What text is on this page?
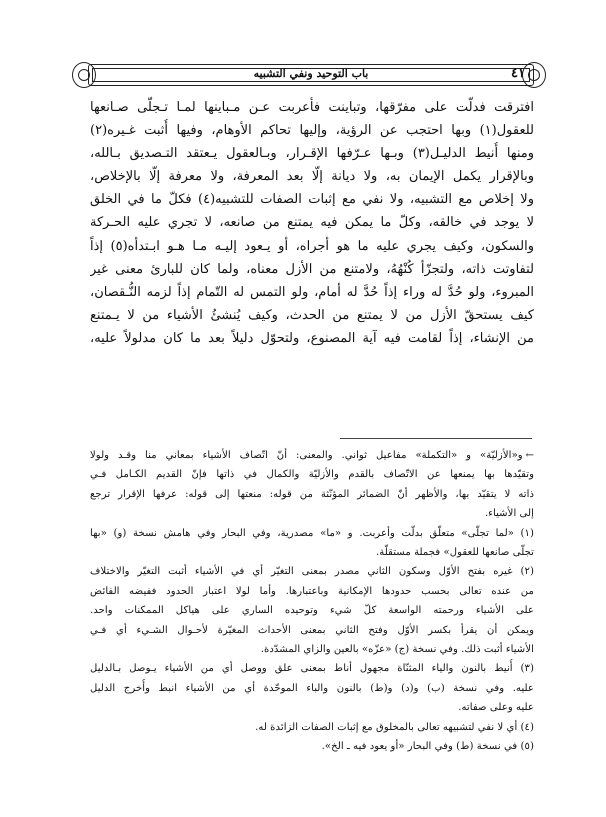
باب التوحيد ونفي التشبيه	٤١
افترقت فدلّت على مفرّقها، وتباينت فأعربت عـن مـباينها لمـا تـجلّى صـانعها
للعقول(١) وبها احتجب عن الرؤية، وإليها تحاكم الأوهام، وفيها أُثبت غـيره(٢)
ومنها أُنيط الدليـل(٣) وبـها عـرّفها الإقـرار، وبـالعقول يـعتقد التـصديق بـالله،
وبالإقرار يكمل الإيمان به، ولا ديانة إلّا بعد المعرفة، ولا معرفة إلّا بالإخلاص،
ولا إخلاص مع التشبيه، ولا نفي مع إثبات الصفات للتشبيه(٤) فكلّ ما في الخلق
لا يوجد في خالقه، وكلّ ما يمكن فيه يمتنع من صانعه، لا تجري عليه الحـركة
والسكون، وكيف يجري عليه ما هو أجراه، أو يـعود إليـه مـا هـو ابـتدأه(٥) إذاً
لتفاوتت ذاته، ولتجزّأ كُنْهُهُ، ولامتنع من الأزل معناه، ولما كان للبارئ معنى غير
المبروء، ولو حُدَّ له وراء إذاً حُدَّ له أمام، ولو التمس له التّمام إذاً لزمه النُّـقصان،
كيف يستحقّ الأزل من لا يمتنع من الحدث، وكيف يُنشئُ الأشياء من لا يـمتنع
من الإنشاء، إذاً لقامت فيه آية المصنوع، ولتحوّل دليلاً بعد ما كان مدلولاً عليه،
←و«الأزليّة» و «التكملة» مفاعيل ثواني. والمعنى: أنّ اتّصاف الأشياء بمعاني منا وقـد ولولا
وتقيّدها بها يمنعها عن الاتّصاف بالقدم والأزليّة والكمال في ذاتها فإنّ القديم الكـامل فـي
ذاته لا يتقيّد بها، والأظهر أنّ الضمائر المؤنّثة من قوله: منعتها إلى قوله: عرفها الإقرار ترجع
إلى الأشياء.
(١) «لما تجلّى» متعلّق بدلّت وأعربت. و «ما» مصدرية، وفي البحار وفي هامش نسخة (و) «بها
تجلّى صانعها للعقول» فجملة مستقلّة.
(٢) غيره بفتح الأوّل وسكون الثاني مصدر بمعنى التغيّر أي في الأشياء أثبت التغيّر والاختلاف
من عنده تعالى بحسب حدودها الإمكانية وباعتبارها. وأما لولا اعتبار الحدود ففيضه الفائض
على الأشياء ورحمته الواسعة كلّ شيء وتوحيده الساري على هياكل الممكنات واحد.
ويمكن أن يقرأ بكسر الأوّل وفتح الثاني بمعنى الأحداث المغيّرة لأحـوال الشـيء أي فـي
الأشياء أثبت ذلك. وفي نسخة (ج) «عزّه» بالعين والزاي المشدّدة.
(٣) أُنيط بالنون والياء المثنّاة مجهول أناط بمعنى علق ووصل أي من الأشياء يـوصل بـالدليل
عليه. وفي نسخة (ب) و(د) و(ط) بالنون والباء الموحّدة أي من الأشياء انبط وأُخرج الدليل
عليه وعلى صفاته.
(٤) أي لا نفي لتشبيهه تعالى بالمخلوق مع إثبات الصفات الزائدة له.
(٥) في نسخة (ط) وفي البحار «أو يعود فيه ـ الخ».
